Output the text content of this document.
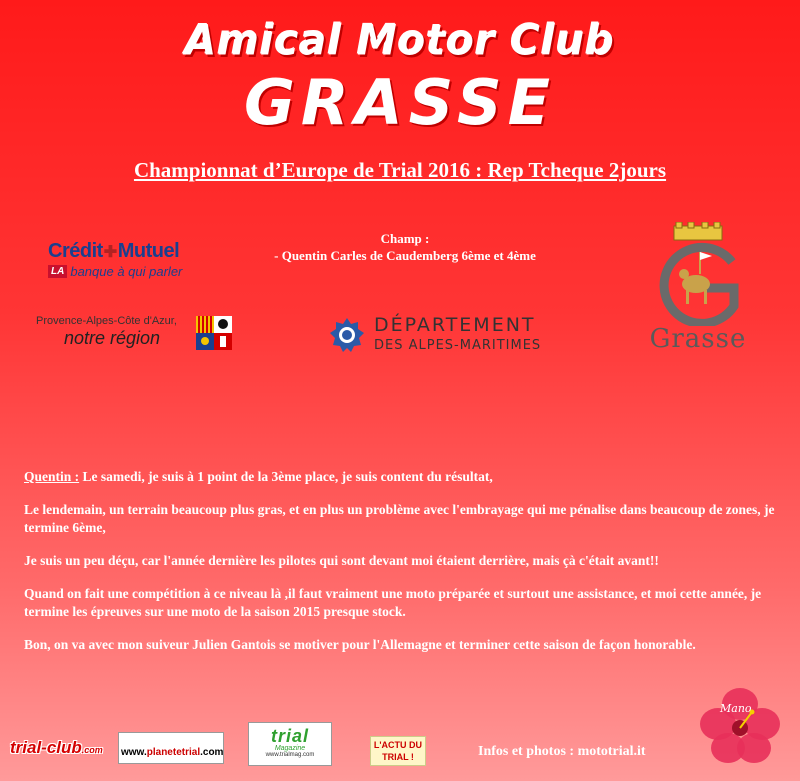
Amical Motor Club
GRASSE
Championnat d’Europe de Trial 2016 : Rep Tcheque 2jours
Champ :
- Quentin Carles de Caudemberg 6ème et 4ème
Crédit✚Mutuel
LA banque à qui parler
Provence-Alpes-Côte d'Azur,
notre région
DÉPARTEMENT
DES ALPES-MARITIMES	Grasse

Quentin : Le samedi, je suis à 1 point de la 3ème place, je suis content du résultat,

Le lendemain, un terrain beaucoup plus gras, et en plus un problème avec l'embrayage qui me pénalise dans beaucoup de zones, je termine 6ème,

Je suis un peu déçu, car l'année dernière les pilotes qui sont devant moi étaient derrière, mais çà c'était avant!!

Quand on fait une compétition à ce niveau là ,il faut vraiment une moto préparée et surtout une assistance, et moi cette année, je termine les épreuves sur une moto de la saison 2015 presque stock.

Bon, on va avec mon suiveur Julien Gantois se motiver pour l'Allemagne et terminer cette saison de façon honorable.

trial-club.com	www.planetetrial.com
trial
Magazine
www.trialmag.com
L'ACTU DU
TRIAL !	Infos et photos : mototrial.it
Mano
